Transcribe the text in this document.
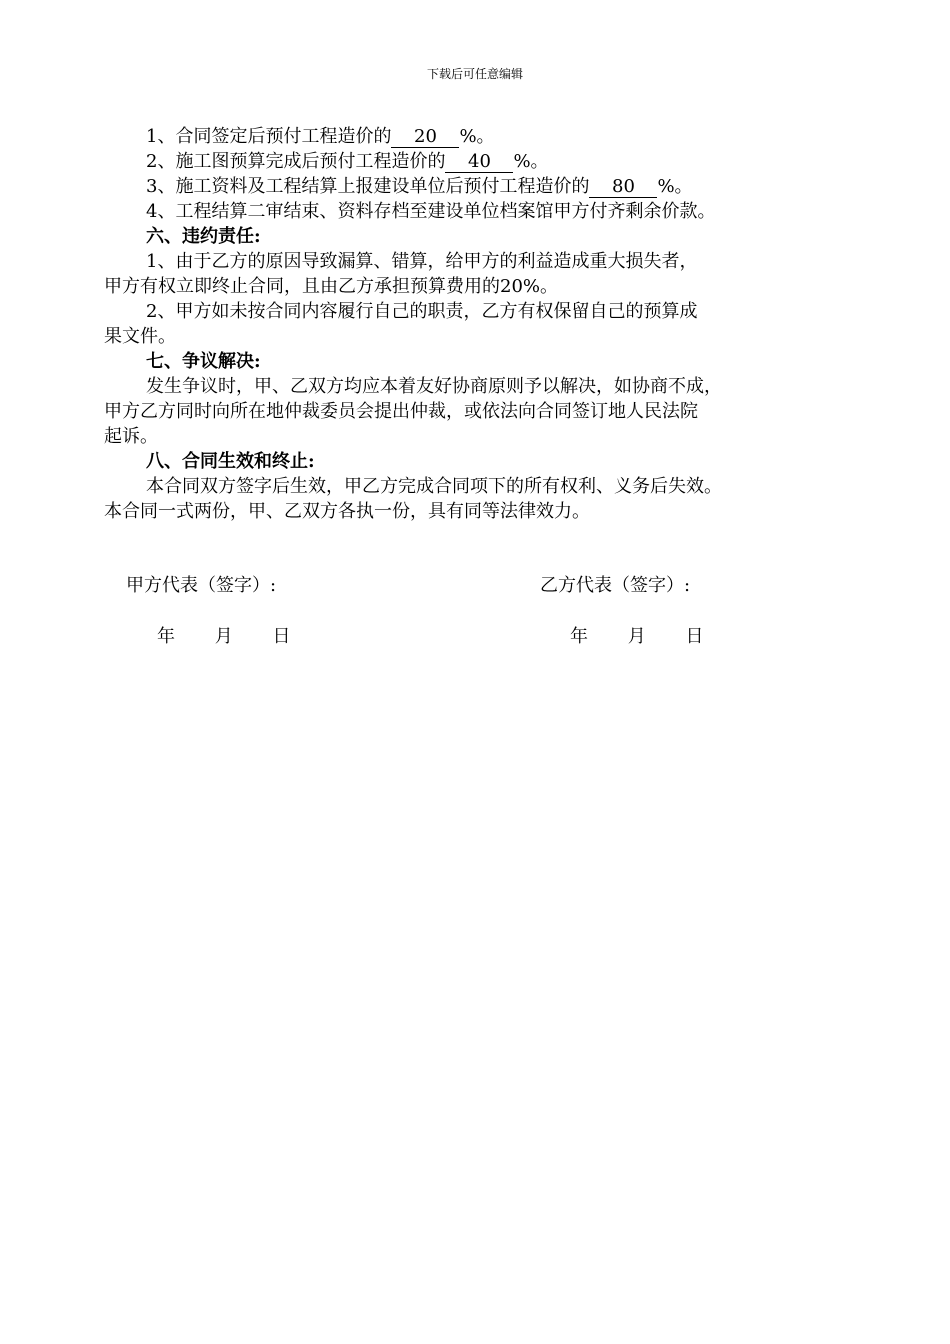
下载后可任意编辑

1、合同签定后预付工程造价的 20 %。

2、施工图预算完成后预付工程造价的 40 %。

3、施工资料及工程结算上报建设单位后预付工程造价的 80 %。

4、工程结算二审结束、资料存档至建设单位档案馆甲方付齐剩余价款。

六、违约责任:

1、由于乙方的原因导致漏算、错算，给甲方的利益造成重大损失者，

甲方有权立即终止合同，且由乙方承担预算费用的20%。

2、甲方如未按合同内容履行自己的职责，乙方有权保留自己的预算成

果文件。

七、争议解决:

发生争议时，甲、乙双方均应本着友好协商原则予以解决，如协商不成，

甲方乙方同时向所在地仲裁委员会提出仲裁，或依法向合同签订地人民法院

起诉。

八、合同生效和终止:

本合同双方签字后生效，甲乙方完成合同项下的所有权利、义务后失效。

本合同一式两份，甲、乙双方各执一份，具有同等法律效力。

甲方代表（签字）:	乙方代表（签字）:
年 月 日	年 月 日
